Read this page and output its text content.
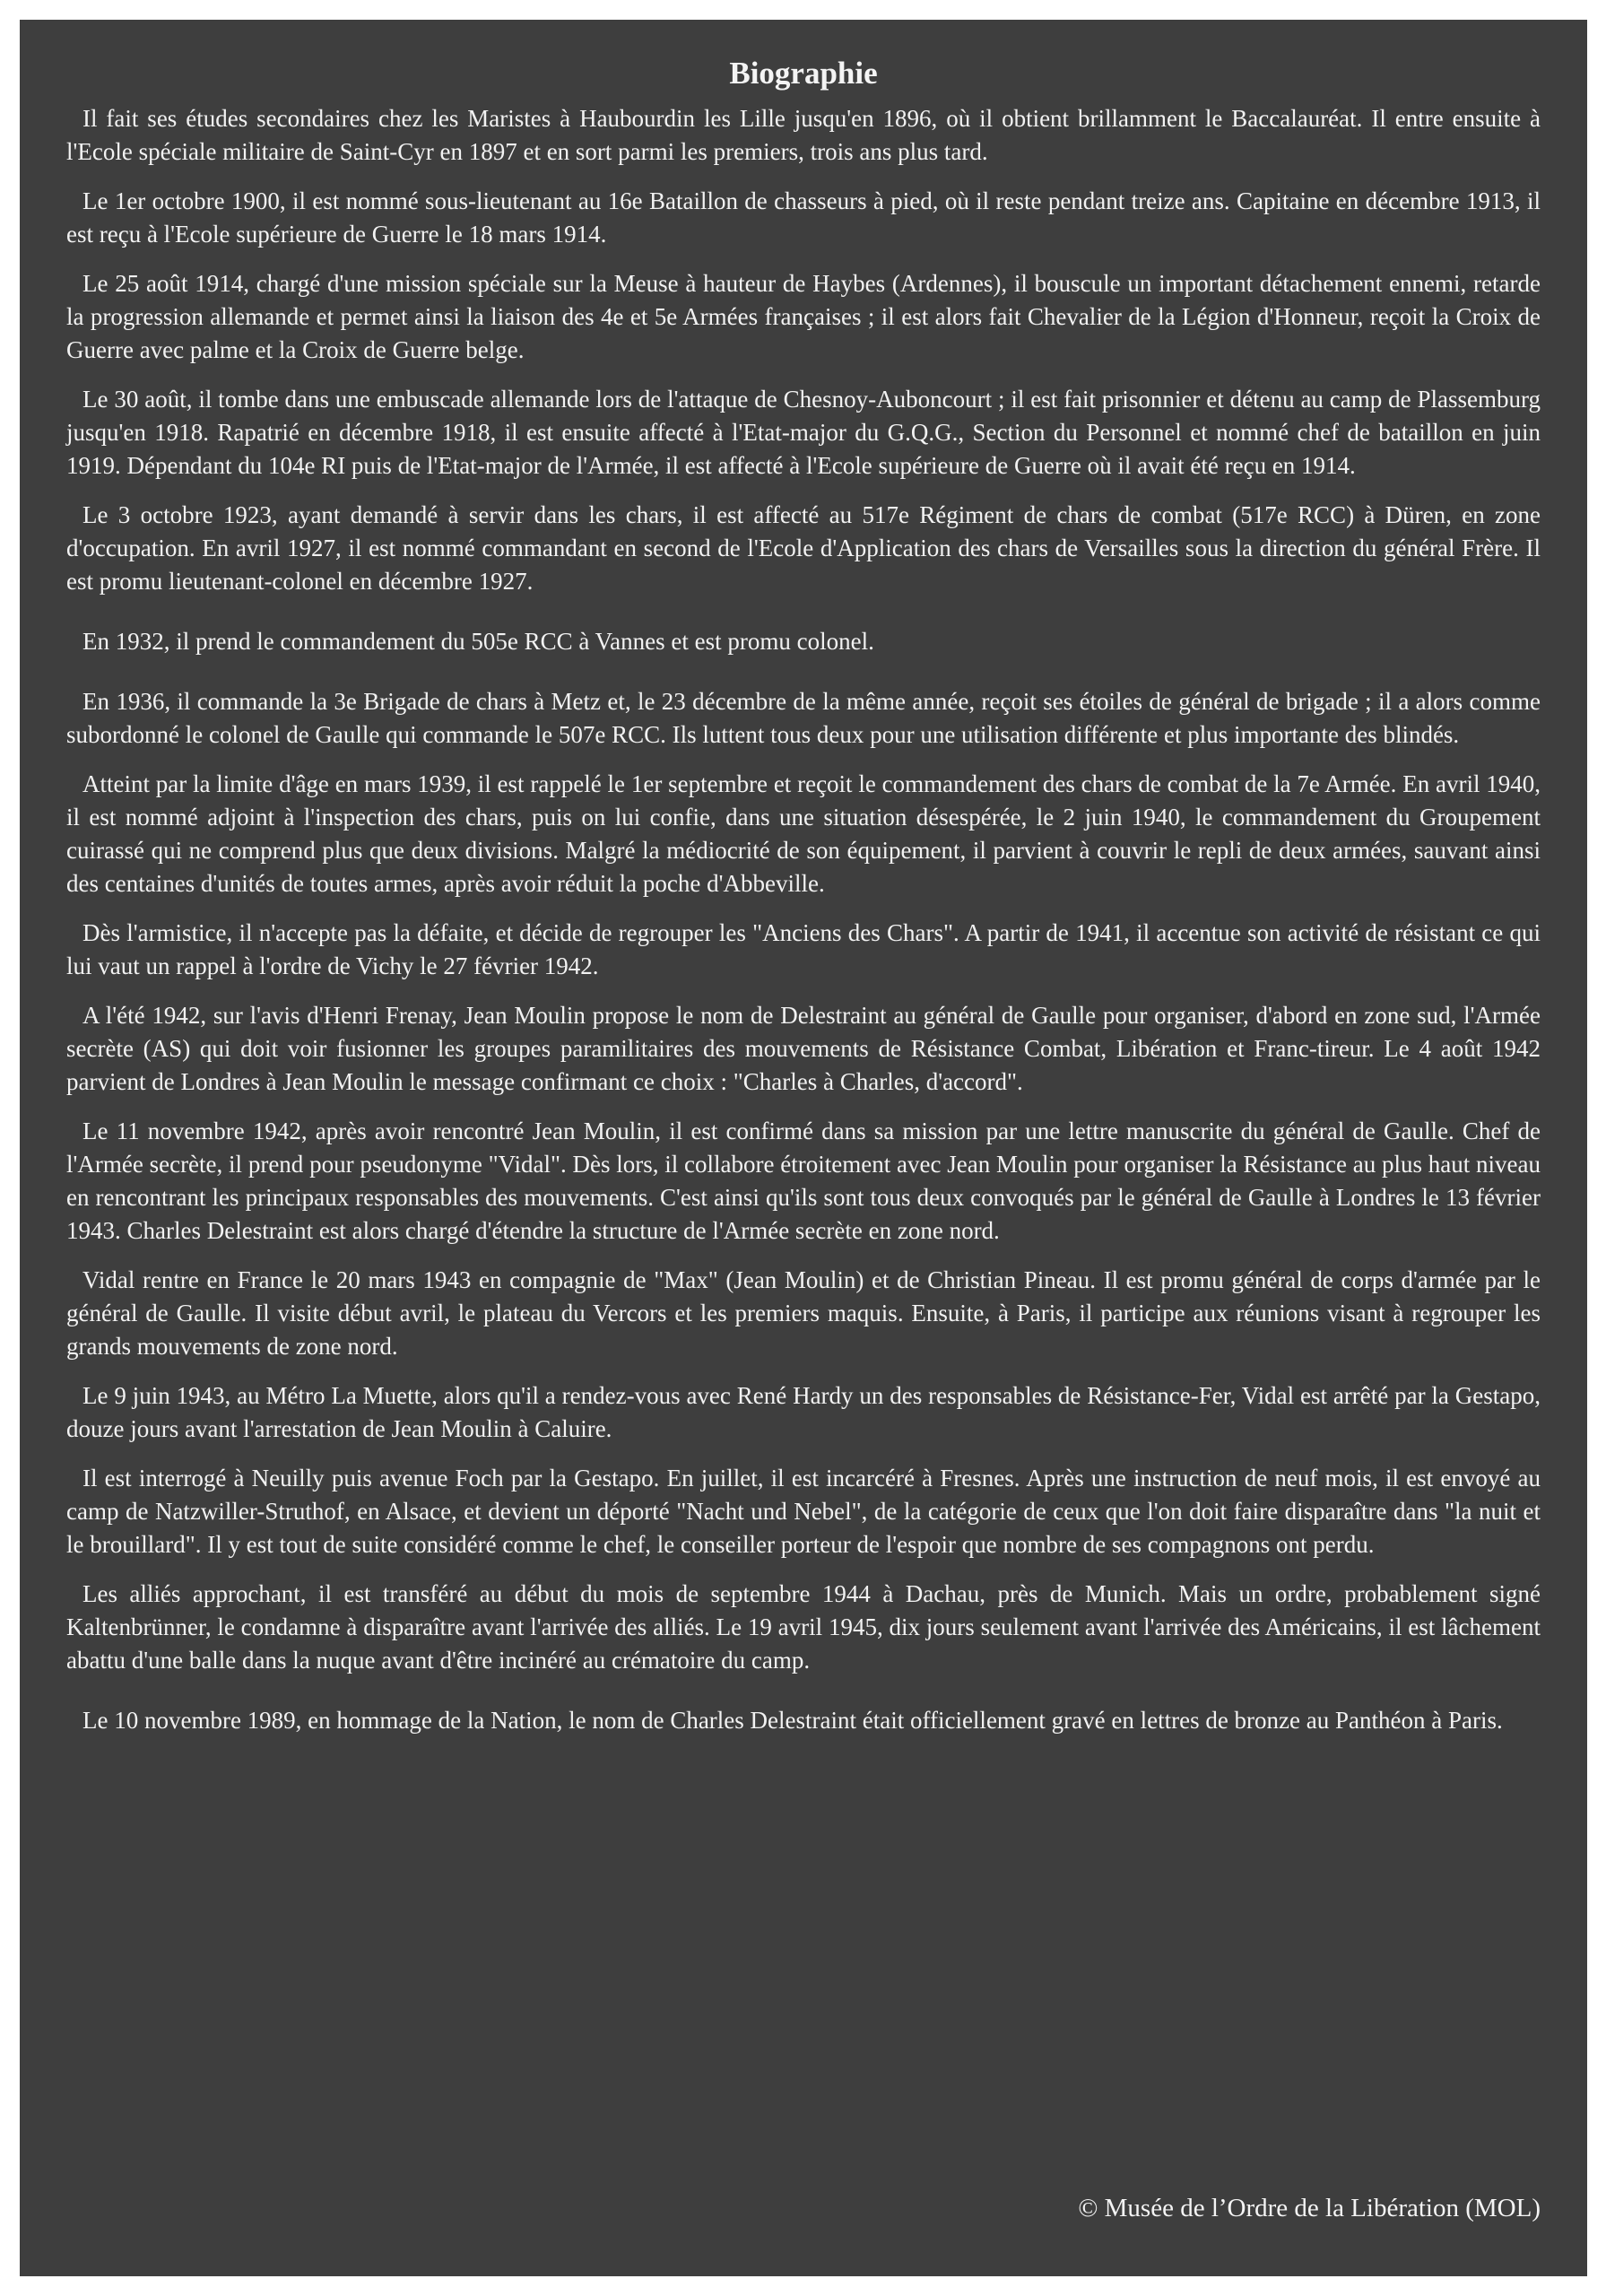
Biographie

Il fait ses études secondaires chez les Maristes à Haubourdin les Lille jusqu'en 1896, où il obtient brillamment le Baccalauréat. Il entre ensuite à l'Ecole spéciale militaire de Saint-Cyr en 1897 et en sort parmi les premiers, trois ans plus tard.

Le 1er octobre 1900, il est nommé sous-lieutenant au 16e Bataillon de chasseurs à pied, où il reste pendant treize ans. Capitaine en décembre 1913, il est reçu à l'Ecole supérieure de Guerre le 18 mars 1914.

Le 25 août 1914, chargé d'une mission spéciale sur la Meuse à hauteur de Haybes (Ardennes), il bouscule un important détachement ennemi, retarde la progression allemande et permet ainsi la liaison des 4e et 5e Armées françaises ; il est alors fait Chevalier de la Légion d'Honneur, reçoit la Croix de Guerre avec palme et la Croix de Guerre belge.

Le 30 août, il tombe dans une embuscade allemande lors de l'attaque de Chesnoy-Auboncourt ; il est fait prisonnier et détenu au camp de Plassemburg jusqu'en 1918. Rapatrié en décembre 1918, il est ensuite affecté à l'Etat-major du G.Q.G., Section du Personnel et nommé chef de bataillon en juin 1919. Dépendant du 104e RI puis de l'Etat-major de l'Armée, il est affecté à l'Ecole supérieure de Guerre où il avait été reçu en 1914.

Le 3 octobre 1923, ayant demandé à servir dans les chars, il est affecté au 517e Régiment de chars de combat (517e RCC) à Düren, en zone d'occupation. En avril 1927, il est nommé commandant en second de l'Ecole d'Application des chars de Versailles sous la direction du général Frère. Il est promu lieutenant-colonel en décembre 1927.

En 1932, il prend le commandement du 505e RCC à Vannes et est promu colonel.

En 1936, il commande la 3e Brigade de chars à Metz et, le 23 décembre de la même année, reçoit ses étoiles de général de brigade ; il a alors comme subordonné le colonel de Gaulle qui commande le 507e RCC. Ils luttent tous deux pour une utilisation différente et plus importante des blindés.

Atteint par la limite d'âge en mars 1939, il est rappelé le 1er septembre et reçoit le commandement des chars de combat de la 7e Armée. En avril 1940, il est nommé adjoint à l'inspection des chars, puis on lui confie, dans une situation désespérée, le 2 juin 1940, le commandement du Groupement cuirassé qui ne comprend plus que deux divisions. Malgré la médiocrité de son équipement, il parvient à couvrir le repli de deux armées, sauvant ainsi des centaines d'unités de toutes armes, après avoir réduit la poche d'Abbeville.

Dès l'armistice, il n'accepte pas la défaite, et décide de regrouper les "Anciens des Chars". A partir de 1941, il accentue son activité de résistant ce qui lui vaut un rappel à l'ordre de Vichy le 27 février 1942.

A l'été 1942, sur l'avis d'Henri Frenay, Jean Moulin propose le nom de Delestraint au général de Gaulle pour organiser, d'abord en zone sud, l'Armée secrète (AS) qui doit voir fusionner les groupes paramilitaires des mouvements de Résistance Combat, Libération et Franc-tireur. Le 4 août 1942 parvient de Londres à Jean Moulin le message confirmant ce choix : "Charles à Charles, d'accord".

Le 11 novembre 1942, après avoir rencontré Jean Moulin, il est confirmé dans sa mission par une lettre manuscrite du général de Gaulle. Chef de l'Armée secrète, il prend pour pseudonyme "Vidal". Dès lors, il collabore étroitement avec Jean Moulin pour organiser la Résistance au plus haut niveau en rencontrant les principaux responsables des mouvements. C'est ainsi qu'ils sont tous deux convoqués par le général de Gaulle à Londres le 13 février 1943. Charles Delestraint est alors chargé d'étendre la structure de l'Armée secrète en zone nord.

Vidal rentre en France le 20 mars 1943 en compagnie de "Max" (Jean Moulin) et de Christian Pineau. Il est promu général de corps d'armée par le général de Gaulle. Il visite début avril, le plateau du Vercors et les premiers maquis. Ensuite, à Paris, il participe aux réunions visant à regrouper les grands mouvements de zone nord.

Le 9 juin 1943, au Métro La Muette, alors qu'il a rendez-vous avec René Hardy un des responsables de Résistance-Fer, Vidal est arrêté par la Gestapo, douze jours avant l'arrestation de Jean Moulin à Caluire.

Il est interrogé à Neuilly puis avenue Foch par la Gestapo. En juillet, il est incarcéré à Fresnes. Après une instruction de neuf mois, il est envoyé au camp de Natzwiller-Struthof, en Alsace, et devient un déporté "Nacht und Nebel", de la catégorie de ceux que l'on doit faire disparaître dans "la nuit et le brouillard". Il y est tout de suite considéré comme le chef, le conseiller porteur de l'espoir que nombre de ses compagnons ont perdu.

Les alliés approchant, il est transféré au début du mois de septembre 1944 à Dachau, près de Munich. Mais un ordre, probablement signé Kaltenbrünner, le condamne à disparaître avant l'arrivée des alliés. Le 19 avril 1945, dix jours seulement avant l'arrivée des Américains, il est lâchement abattu d'une balle dans la nuque avant d'être incinéré au crématoire du camp.

Le 10 novembre 1989, en hommage de la Nation, le nom de Charles Delestraint était officiellement gravé en lettres de bronze au Panthéon à Paris.

© Musée de l’Ordre de la Libération (MOL)
